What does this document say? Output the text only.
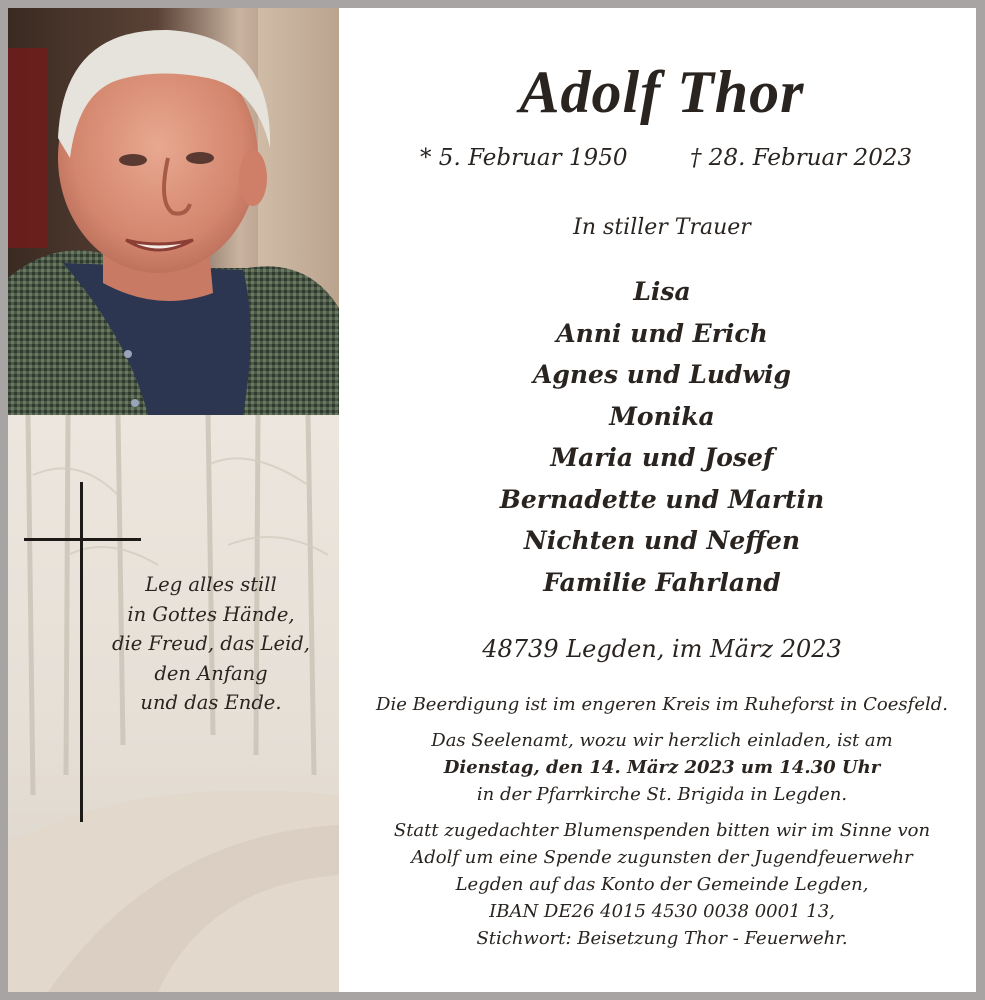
Leg alles still
in Gottes Hände,
die Freud, das Leid,
den Anfang
und das Ende.
Adolf Thor
* 5. Februar 1950	† 28. Februar 2023
In stiller Trauer
Lisa
Anni und Erich
Agnes und Ludwig
Monika
Maria und Josef
Bernadette und Martin
Nichten und Neffen
Familie Fahrland
48739 Legden, im März 2023
Die Beerdigung ist im engeren Kreis im Ruheforst in Coesfeld.
Das Seelenamt, wozu wir herzlich einladen, ist am
Dienstag, den 14. März 2023 um 14.30 Uhr
in der Pfarrkirche St. Brigida in Legden.
Statt zugedachter Blumenspenden bitten wir im Sinne von
Adolf um eine Spende zugunsten der Jugendfeuerwehr
Legden auf das Konto der Gemeinde Legden,
IBAN DE26 4015 4530 0038 0001 13,
Stichwort: Beisetzung Thor - Feuerwehr.
